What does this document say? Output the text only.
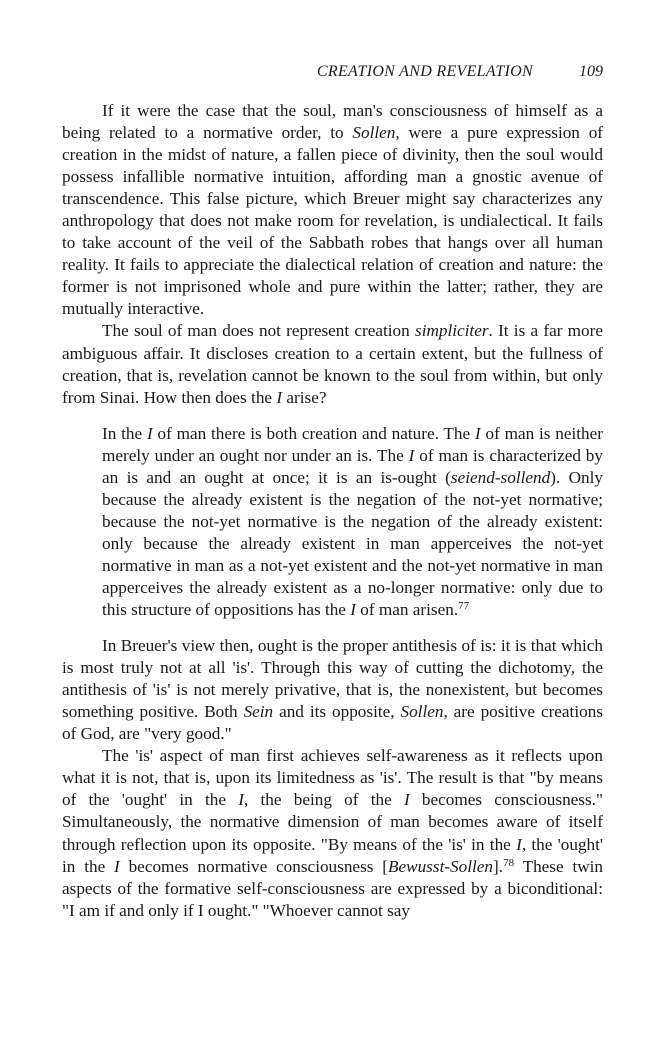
CREATION AND REVELATION	109

If it were the case that the soul, man's consciousness of himself as a being related to a normative order, to Sollen, were a pure expression of creation in the midst of nature, a fallen piece of divinity, then the soul would possess infallible normative intuition, affording man a gnostic avenue of transcendence. This false picture, which Breuer might say characterizes any anthropology that does not make room for revelation, is undialectical. It fails to take account of the veil of the Sabbath robes that hangs over all human reality. It fails to appreciate the dialectical relation of creation and nature: the former is not imprisoned whole and pure within the latter; rather, they are mutually interactive.

The soul of man does not represent creation simpliciter. It is a far more ambiguous affair. It discloses creation to a certain extent, but the fullness of creation, that is, revelation cannot be known to the soul from within, but only from Sinai. How then does the I arise?

In the I of man there is both creation and nature. The I of man is neither merely under an ought nor under an is. The I of man is characterized by an is and an ought at once; it is an is-ought (seiend-sollend). Only because the already existent is the negation of the not-yet normative; because the not-yet normative is the negation of the already existent: only because the already existent in man apperceives the not-yet normative in man as a not-yet existent and the not-yet normative in man apperceives the already existent as a no-longer normative: only due to this structure of oppositions has the I of man arisen.$^{77}$

In Breuer's view then, ought is the proper antithesis of is: it is that which is most truly not at all 'is'. Through this way of cutting the dichotomy, the antithesis of 'is' is not merely privative, that is, the nonexistent, but becomes something positive. Both Sein and its opposite, Sollen, are positive creations of God, are "very good."

The 'is' aspect of man first achieves self-awareness as it reflects upon what it is not, that is, upon its limitedness as 'is'. The result is that "by means of the 'ought' in the I, the being of the I becomes consciousness." Simultaneously, the normative dimension of man becomes aware of itself through reflection upon its opposite. "By means of the 'is' in the I, the 'ought' in the I becomes normative consciousness [Bewusst-Sollen].$^{78}$ These twin aspects of the formative self-consciousness are expressed by a biconditional: "I am if and only if I ought." "Whoever cannot say
